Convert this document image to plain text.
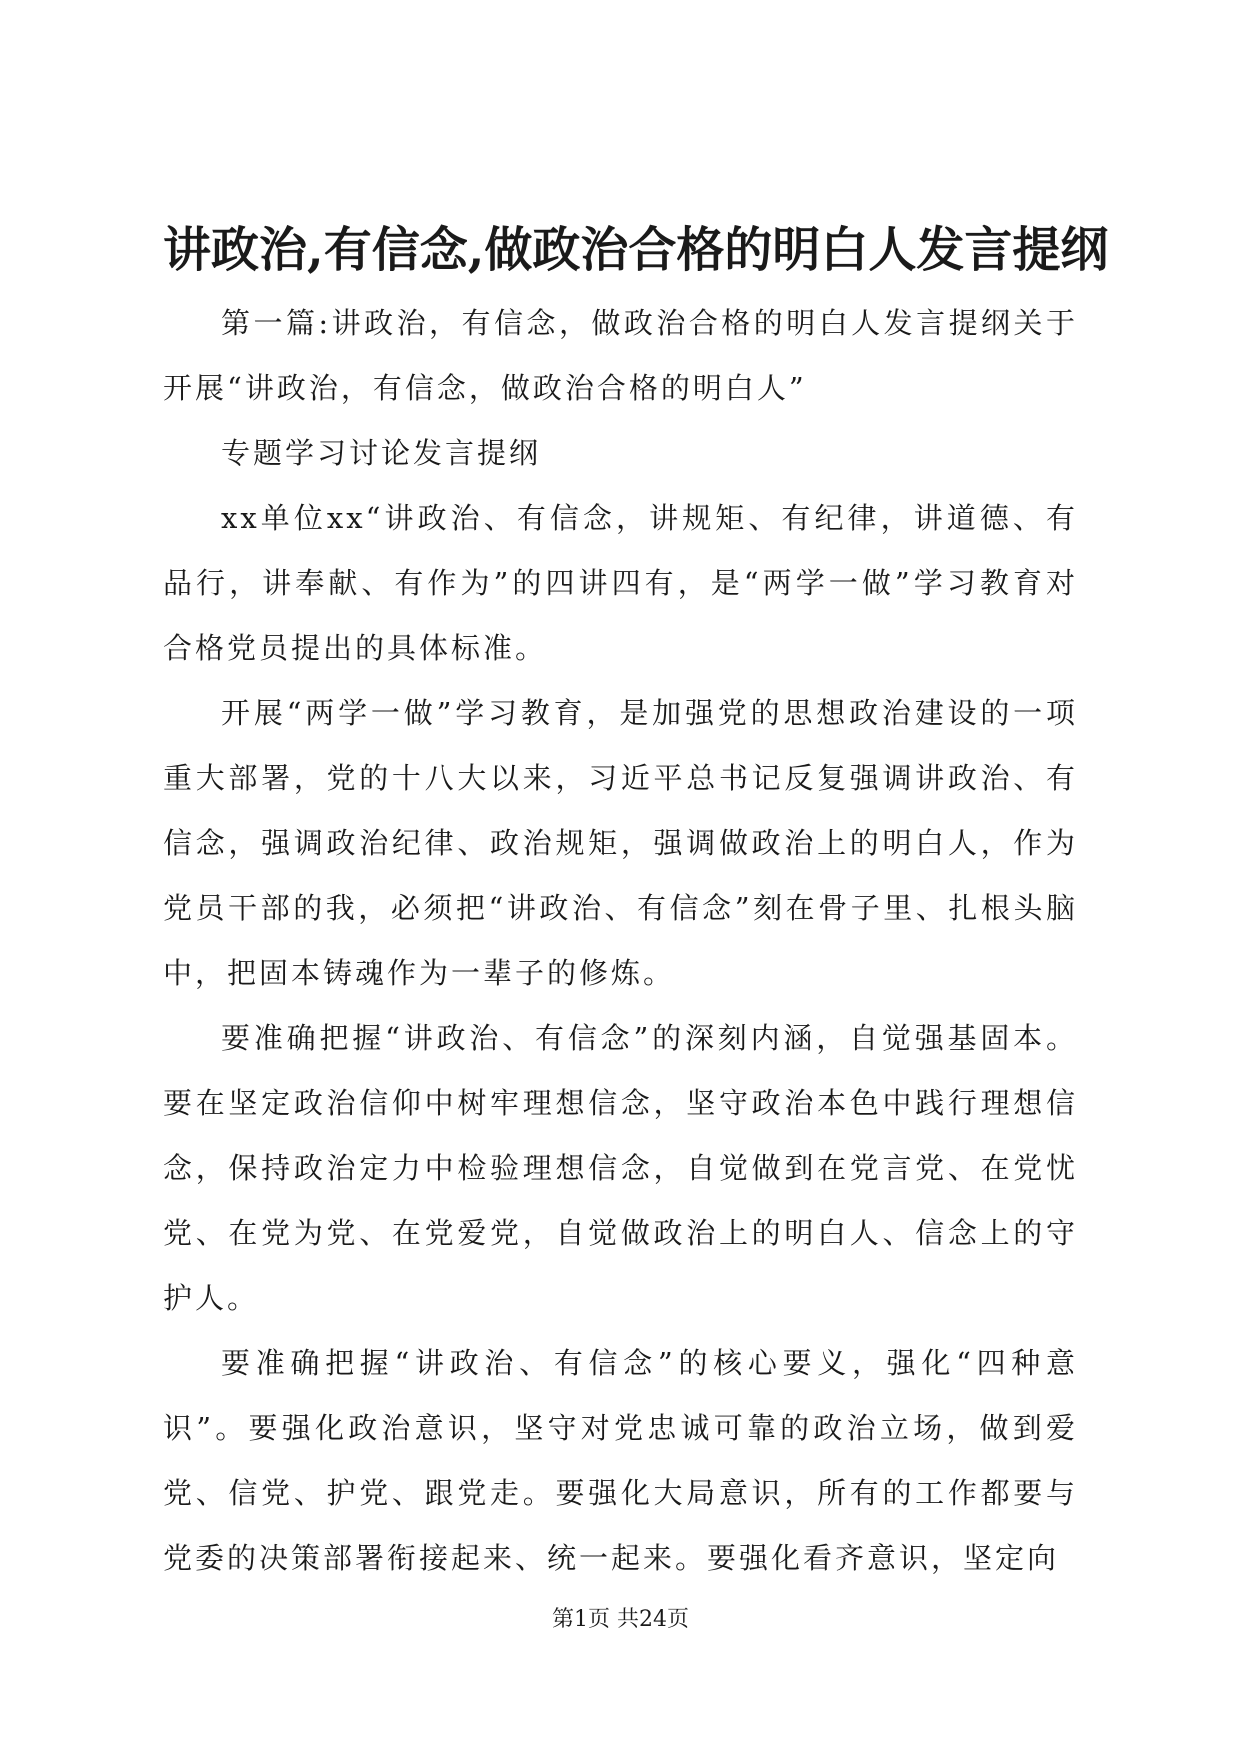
讲政治,有信念,做政治合格的明白人发言提纲

第一篇:讲政治，有信念，做政治合格的明白人发言提纲关于开展“讲政治，有信念，做政治合格的明白人”

专题学习讨论发言提纲

xx单位xx“讲政治、有信念，讲规矩、有纪律，讲道德、有品行，讲奉献、有作为”的四讲四有，是“两学一做”学习教育对合格党员提出的具体标准。

开展“两学一做”学习教育，是加强党的思想政治建设的一项重大部署，党的十八大以来，习近平总书记反复强调讲政治、有信念，强调政治纪律、政治规矩，强调做政治上的明白人，作为党员干部的我，必须把“讲政治、有信念”刻在骨子里、扎根头脑中，把固本铸魂作为一辈子的修炼。

要准确把握“讲政治、有信念”的深刻内涵，自觉强基固本。要在坚定政治信仰中树牢理想信念，坚守政治本色中践行理想信念，保持政治定力中检验理想信念，自觉做到在党言党、在党忧党、在党为党、在党爱党，自觉做政治上的明白人、信念上的守护人。

要准确把握“讲政治、有信念”的核心要义，强化“四种意识”。要强化政治意识，坚守对党忠诚可靠的政治立场，做到爱党、信党、护党、跟党走。要强化大局意识，所有的工作都要与党委的决策部署衔接起来、统一起来。要强化看齐意识，坚定向

第1页 共24页
